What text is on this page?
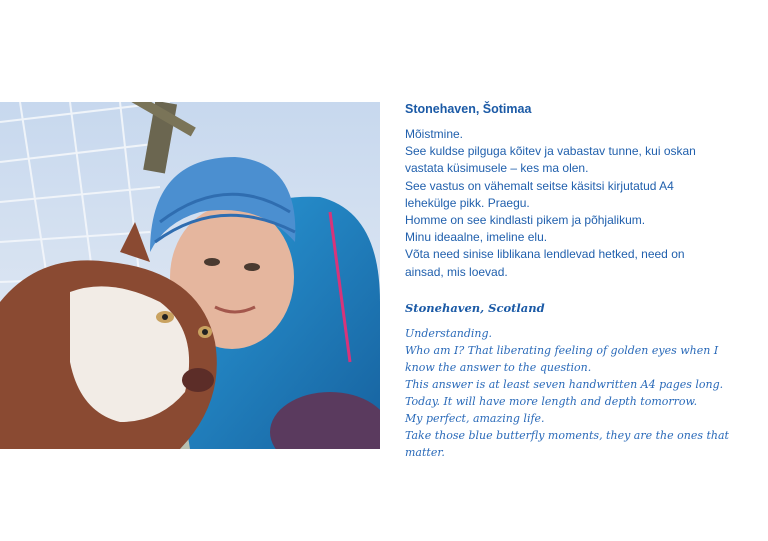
Stonehaven, Šotimaa

Mõistmine.

See kuldse pilguga kõitev ja vabastav tunne, kui oskan

vastata küsimusele – kes ma olen.

See vastus on vähemalt seitse käsitsi kirjutatud A4

lehekülge pikk. Praegu.

Homme on see kindlasti pikem ja põhjalikum.

Minu ideaalne, imeline elu.

Võta need sinise liblikana lendlevad hetked, need on

ainsad, mis loevad.

Stonehaven, Scotland

Understanding.

Who am I? That liberating feeling of golden eyes when I

know the answer to the question.

This answer is at least seven handwritten A4 pages long.

Today. It will have more length and depth tomorrow.

My perfect, amazing life.

Take those blue butterfly moments, they are the ones that

matter.
